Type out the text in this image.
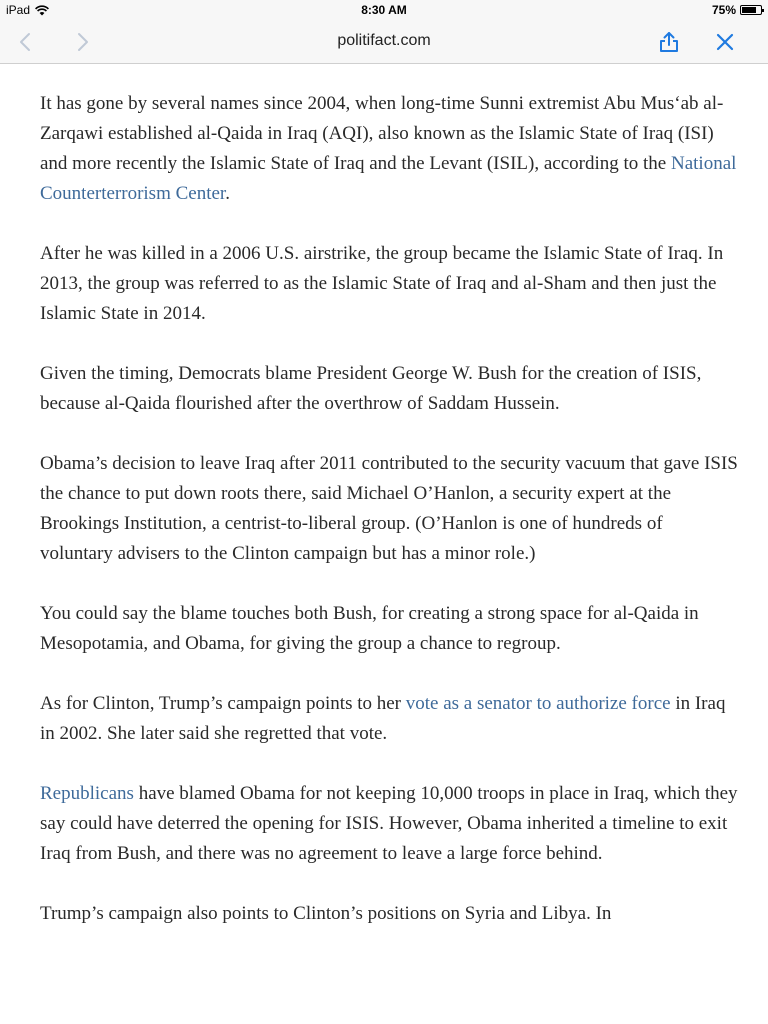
iPad	8:30 AM	75%
politifact.com

It has gone by several names since 2004, when long-time Sunni extremist Abu Mus‘ab al-Zarqawi established al-Qaida in Iraq (AQI), also known as the Islamic State of Iraq (ISI) and more recently the Islamic State of Iraq and the Levant (ISIL), according to the National Counterterrorism Center.

After he was killed in a 2006 U.S. airstrike, the group became the Islamic State of Iraq. In 2013, the group was referred to as the Islamic State of Iraq and al-Sham and then just the Islamic State in 2014.

Given the timing, Democrats blame President George W. Bush for the creation of ISIS, because al-Qaida flourished after the overthrow of Saddam Hussein.

Obama’s decision to leave Iraq after 2011 contributed to the security vacuum that gave ISIS the chance to put down roots there, said Michael O’Hanlon, a security expert at the Brookings Institution, a centrist-to-liberal group. (O’Hanlon is one of hundreds of voluntary advisers to the Clinton campaign but has a minor role.)

You could say the blame touches both Bush, for creating a strong space for al-Qaida in Mesopotamia, and Obama, for giving the group a chance to regroup.

As for Clinton, Trump’s campaign points to her vote as a senator to authorize force in Iraq in 2002. She later said she regretted that vote.

Republicans have blamed Obama for not keeping 10,000 troops in place in Iraq, which they say could have deterred the opening for ISIS. However, Obama inherited a timeline to exit Iraq from Bush, and there was no agreement to leave a large force behind.

Trump’s campaign also points to Clinton’s positions on Syria and Libya. In
